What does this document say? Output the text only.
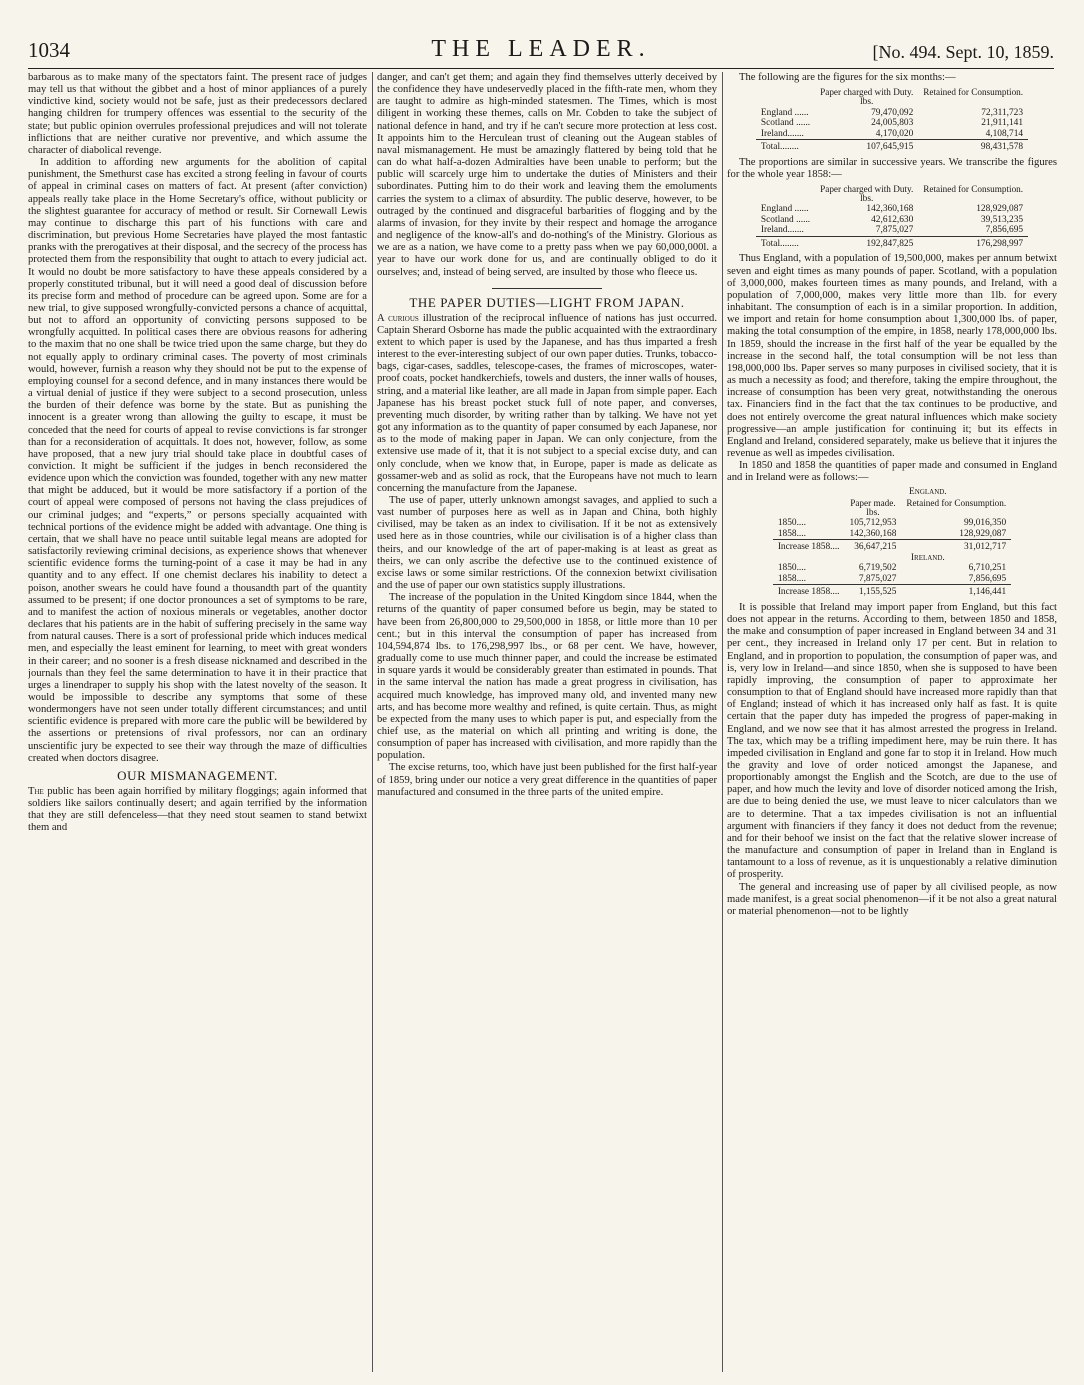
1034	THE LEADER.	[No. 494. Sept. 10, 1859.

barbarous as to make many of the spectators faint. The present race of judges may tell us that without the gibbet and a host of minor appliances of a purely vindictive kind, society would not be safe, just as their predecessors declared hanging children for trumpery offences was essential to the security of the state; but public opinion overrules professional prejudices and will not tolerate inflictions that are neither curative nor preventive, and which assume the character of diabolical revenge.

In addition to affording new arguments for the abolition of capital punishment, the Smethurst case has excited a strong feeling in favour of courts of appeal in criminal cases on matters of fact. At present (after conviction) appeals really take place in the Home Secretary's office, without publicity or the slightest guarantee for accuracy of method or result. Sir Cornewall Lewis may continue to discharge this part of his functions with care and discrimination, but previous Home Secretaries have played the most fantastic pranks with the prerogatives at their disposal, and the secrecy of the process has protected them from the responsibility that ought to attach to every judicial act. It would no doubt be more satisfactory to have these appeals considered by a properly constituted tribunal, but it will need a good deal of discussion before its precise form and method of procedure can be agreed upon. Some are for a new trial, to give supposed wrongfully-convicted persons a chance of acquittal, but not to afford an opportunity of convicting persons supposed to be wrongfully acquitted. In political cases there are obvious reasons for adhering to the maxim that no one shall be twice tried upon the same charge, but they do not equally apply to ordinary criminal cases. The poverty of most criminals would, however, furnish a reason why they should not be put to the expense of employing counsel for a second defence, and in many instances there would be a virtual denial of justice if they were subject to a second prosecution, unless the burden of their defence was borne by the state. But as punishing the innocent is a greater wrong than allowing the guilty to escape, it must be conceded that the need for courts of appeal to revise convictions is far stronger than for a reconsideration of acquittals. It does not, however, follow, as some have proposed, that a new jury trial should take place in doubtful cases of conviction. It might be sufficient if the judges in bench reconsidered the evidence upon which the conviction was founded, together with any new matter that might be adduced, but it would be more satisfactory if a portion of the court of appeal were composed of persons not having the class prejudices of our criminal judges; and “experts,” or persons specially acquainted with technical portions of the evidence might be added with advantage. One thing is certain, that we shall have no peace until suitable legal means are adopted for satisfactorily reviewing criminal decisions, as experience shows that whenever scientific evidence forms the turning-point of a case it may be had in any quantity and to any effect. If one chemist declares his inability to detect a poison, another swears he could have found a thousandth part of the quantity assumed to be present; if one doctor pronounces a set of symptoms to be rare, and to manifest the action of noxious minerals or vegetables, another doctor declares that his patients are in the habit of suffering precisely in the same way from natural causes. There is a sort of professional pride which induces medical men, and especially the least eminent for learning, to meet with great wonders in their career; and no sooner is a fresh disease nicknamed and described in the journals than they feel the same determination to have it in their practice that urges a linendraper to supply his shop with the latest novelty of the season. It would be impossible to describe any symptoms that some of these wondermongers have not seen under totally different circumstances; and until scientific evidence is prepared with more care the public will be bewildered by the assertions or pretensions of rival professors, nor can an ordinary unscientific jury be expected to see their way through the maze of difficulties created when doctors disagree.

OUR MISMANAGEMENT.

The public has been again horrified by military floggings; again informed that soldiers like sailors continually desert; and again terrified by the information that they are still defenceless—that they need stout seamen to stand betwixt them and

danger, and can't get them; and again they find themselves utterly deceived by the confidence they have undeservedly placed in the fifth-rate men, whom they are taught to admire as high-minded statesmen. The Times, which is most diligent in working these themes, calls on Mr. Cobden to take the subject of national defence in hand, and try if he can't secure more protection at less cost. It appoints him to the Herculean trust of cleaning out the Augean stables of naval mismanagement. He must be amazingly flattered by being told that he can do what half-a-dozen Admiralties have been unable to perform; but the public will scarcely urge him to undertake the duties of Ministers and their subordinates. Putting him to do their work and leaving them the emoluments carries the system to a climax of absurdity. The public deserve, however, to be outraged by the continued and disgraceful barbarities of flogging and by the alarms of invasion, for they invite by their respect and homage the arrogance and negligence of the know-all's and do-nothing's of the Ministry. Glorious as we are as a nation, we have come to a pretty pass when we pay 60,000,000l. a year to have our work done for us, and are continually obliged to do it ourselves; and, instead of being served, are insulted by those who fleece us.

THE PAPER DUTIES—LIGHT FROM JAPAN.

A curious illustration of the reciprocal influence of nations has just occurred. Captain Sherard Osborne has made the public acquainted with the extraordinary extent to which paper is used by the Japanese, and has thus imparted a fresh interest to the ever-interesting subject of our own paper duties. Trunks, tobacco-bags, cigar-cases, saddles, telescope-cases, the frames of microscopes, water-proof coats, pocket handkerchiefs, towels and dusters, the inner walls of houses, string, and a material like leather, are all made in Japan from simple paper. Each Japanese has his breast pocket stuck full of note paper, and converses, preventing much disorder, by writing rather than by talking. We have not yet got any information as to the quantity of paper consumed by each Japanese, nor as to the mode of making paper in Japan. We can only conjecture, from the extensive use made of it, that it is not subject to a special excise duty, and can only conclude, when we know that, in Europe, paper is made as delicate as gossamer-web and as solid as rock, that the Europeans have not much to learn concerning the manufacture from the Japanese.

The use of paper, utterly unknown amongst savages, and applied to such a vast number of purposes here as well as in Japan and China, both highly civilised, may be taken as an index to civilisation. If it be not as extensively used here as in those countries, while our civilisation is of a higher class than theirs, and our knowledge of the art of paper-making is at least as great as theirs, we can only ascribe the defective use to the continued existence of excise laws or some similar restrictions. Of the connexion betwixt civilisation and the use of paper our own statistics supply illustrations.

The increase of the population in the United Kingdom since 1844, when the returns of the quantity of paper consumed before us begin, may be stated to have been from 26,800,000 to 29,500,000 in 1858, or little more than 10 per cent.; but in this interval the consumption of paper has increased from 104,594,874 lbs. to 176,298,997 lbs., or 68 per cent. We have, however, gradually come to use much thinner paper, and could the increase be estimated in square yards it would be considerably greater than estimated in pounds. That in the same interval the nation has made a great progress in civilisation, has acquired much knowledge, has improved many old, and invented many new arts, and has become more wealthy and refined, is quite certain. Thus, as might be expected from the many uses to which paper is put, and especially from the chief use, as the material on which all printing and writing is done, the consumption of paper has increased with civilisation, and more rapidly than the population.

The excise returns, too, which have just been published for the first half-year of 1859, bring under our notice a very great difference in the quantities of paper manufactured and consumed in the three parts of the united empire.

The following are the figures for the six months:—

	Paper charged with Duty.	Retained for Consumption.
	lbs.	
England ......	79,470,092	72,311,723
Scotland ......	24,005,803	21,911,141
Ireland.......	4,170,020	4,108,714
Total........	107,645,915	98,431,578

The proportions are similar in successive years. We transcribe the figures for the whole year 1858:—

	Paper charged with Duty.	Retained for Consumption.
	lbs.	
England ......	142,360,168	128,929,087
Scotland ......	42,612,630	39,513,235
Ireland.......	7,875,027	7,856,695
Total........	192,847,825	176,298,997

Thus England, with a population of 19,500,000, makes per annum betwixt seven and eight times as many pounds of paper. Scotland, with a population of 3,000,000, makes fourteen times as many pounds, and Ireland, with a population of 7,000,000, makes very little more than 1lb. for every inhabitant. The consumption of each is in a similar proportion. In addition, we import and retain for home consumption about 1,300,000 lbs. of paper, making the total consumption of the empire, in 1858, nearly 178,000,000 lbs. In 1859, should the increase in the first half of the year be equalled by the increase in the second half, the total consumption will be not less than 198,000,000 lbs. Paper serves so many purposes in civilised society, that it is as much a necessity as food; and therefore, taking the empire throughout, the increase of consumption has been very great, notwithstanding the onerous tax. Financiers find in the fact that the tax continues to be productive, and does not entirely overcome the great natural influences which make society progressive—an ample justification for continuing it; but its effects in England and Ireland, considered separately, make us believe that it injures the revenue as well as impedes civilisation.

In 1850 and 1858 the quantities of paper made and consumed in England and in Ireland were as follows:—

	England.	
	Paper made.	Retained for Consumption.
	lbs.	
1850....	105,712,953	99,016,350
1858....	142,360,168	128,929,087
Increase 1858....	36,647,215	31,012,717
	Ireland.	
1850....	6,719,502	6,710,251
1858....	7,875,027	7,856,695
Increase 1858....	1,155,525	1,146,441

It is possible that Ireland may import paper from England, but this fact does not appear in the returns. According to them, between 1850 and 1858, the make and consumption of paper increased in England between 34 and 31 per cent., they increased in Ireland only 17 per cent. But in relation to England, and in proportion to population, the consumption of paper was, and is, very low in Ireland—and since 1850, when she is supposed to have been rapidly improving, the consumption of paper to approximate her consumption to that of England should have increased more rapidly than that of England; instead of which it has increased only half as fast. It is quite certain that the paper duty has impeded the progress of paper-making in England, and we now see that it has almost arrested the progress in Ireland. The tax, which may be a trifling impediment here, may be ruin there. It has impeded civilisation in England and gone far to stop it in Ireland. How much the gravity and love of order noticed amongst the Japanese, and proportionably amongst the English and the Scotch, are due to the use of paper, and how much the levity and love of disorder noticed among the Irish, are due to being denied the use, we must leave to nicer calculators than we are to determine. That a tax impedes civilisation is not an influential argument with financiers if they fancy it does not deduct from the revenue; and for their behoof we insist on the fact that the relative slower increase of the manufacture and consumption of paper in Ireland than in England is tantamount to a loss of revenue, as it is unquestionably a relative diminution of prosperity.

The general and increasing use of paper by all civilised people, as now made manifest, is a great social phenomenon—if it be not also a great natural or material phenomenon—not to be lightly
